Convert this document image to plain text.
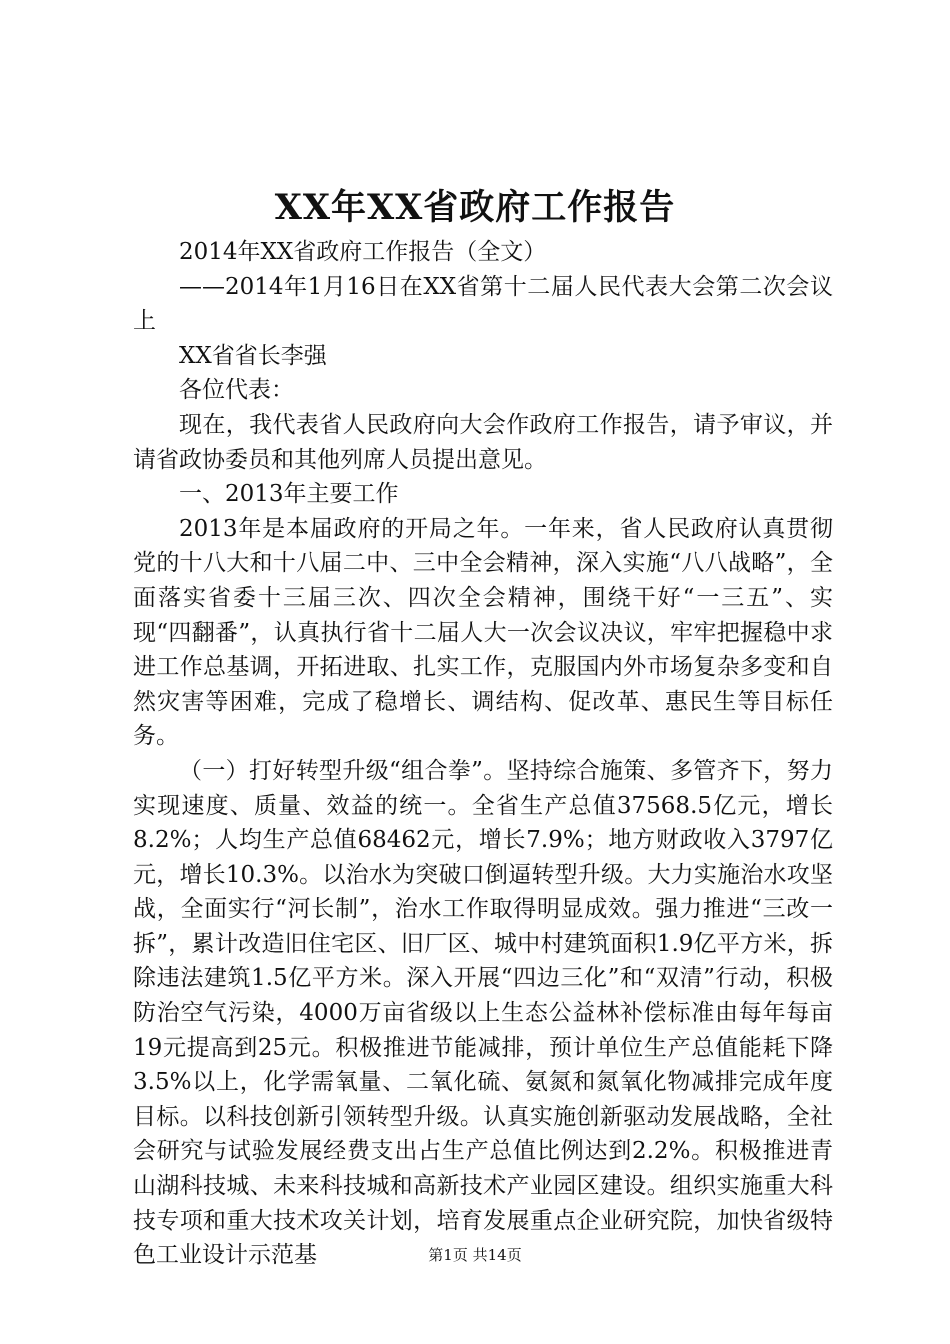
XX年XX省政府工作报告

2014年XX省政府工作报告（全文）

——2014年1月16日在XX省第十二届人民代表大会第二次会议上

XX省省长李强

各位代表：

现在，我代表省人民政府向大会作政府工作报告，请予审议，并请省政协委员和其他列席人员提出意见。

一、2013年主要工作

2013年是本届政府的开局之年。一年来，省人民政府认真贯彻党的十八大和十八届二中、三中全会精神，深入实施“八八战略”，全面落实省委十三届三次、四次全会精神，围绕干好“一三五”、实现“四翻番”，认真执行省十二届人大一次会议决议，牢牢把握稳中求进工作总基调，开拓进取、扎实工作，克服国内外市场复杂多变和自然灾害等困难，完成了稳增长、调结构、促改革、惠民生等目标任务。

（一）打好转型升级“组合拳”。坚持综合施策、多管齐下，努力实现速度、质量、效益的统一。全省生产总值37568.5亿元，增长8.2%；人均生产总值68462元，增长7.9%；地方财政收入3797亿元，增长10.3%。以治水为突破口倒逼转型升级。大力实施治水攻坚战，全面实行“河长制”，治水工作取得明显成效。强力推进“三改一拆”，累计改造旧住宅区、旧厂区、城中村建筑面积1.9亿平方米，拆除违法建筑1.5亿平方米。深入开展“四边三化”和“双清”行动，积极防治空气污染，4000万亩省级以上生态公益林补偿标准由每年每亩19元提高到25元。积极推进节能减排，预计单位生产总值能耗下降3.5%以上，化学需氧量、二氧化硫、氨氮和氮氧化物减排完成年度目标。以科技创新引领转型升级。认真实施创新驱动发展战略，全社会研究与试验发展经费支出占生产总值比例达到2.2%。积极推进青山湖科技城、未来科技城和高新技术产业园区建设。组织实施重大科技专项和重大技术攻关计划，培育发展重点企业研究院，加快省级特色工业设计示范基	第1页 共14页
